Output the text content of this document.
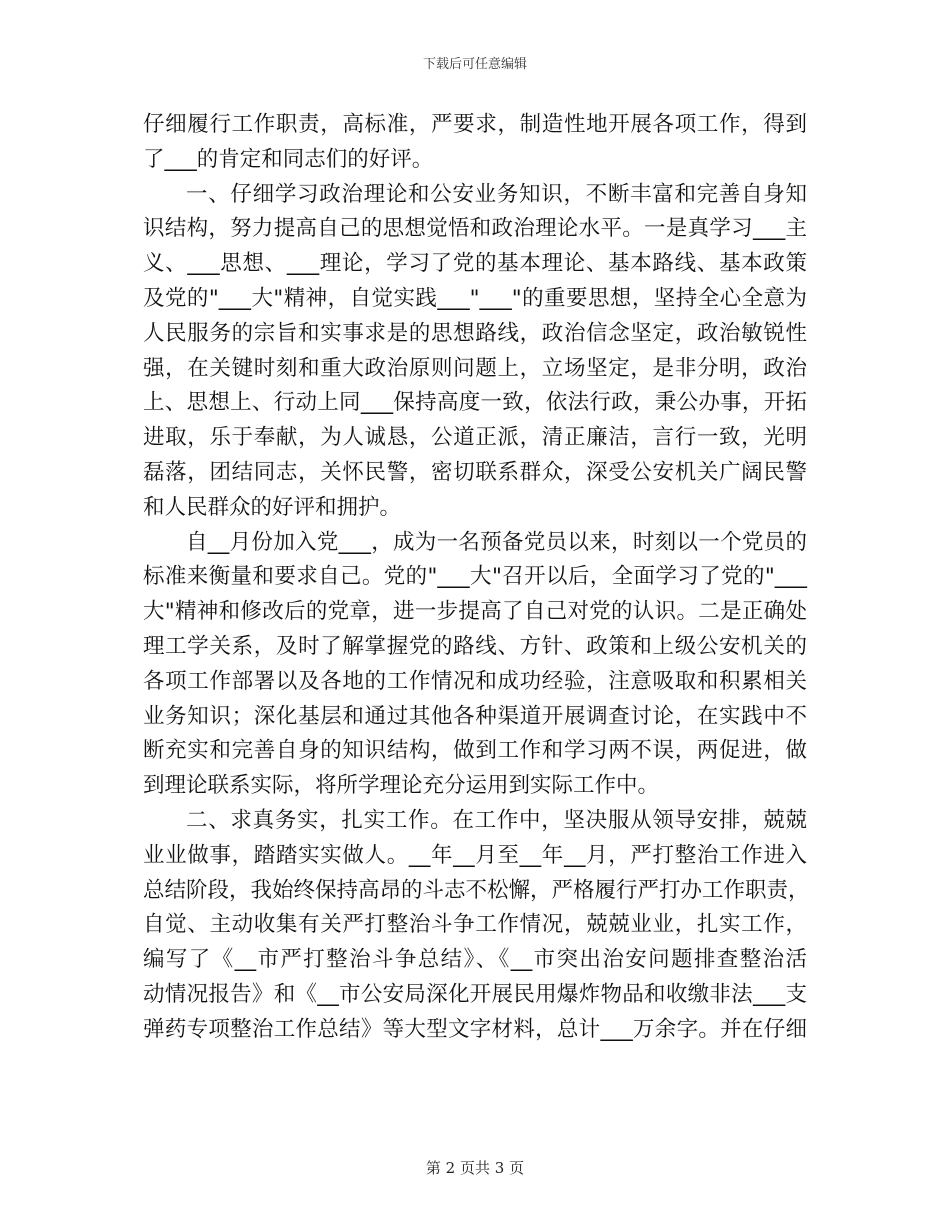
下载后可任意编辑
仔细履行工作职责，高标准，严要求，制造性地开展各项工作，得到
了___的肯定和同志们的好评。
一、仔细学习政治理论和公安业务知识，不断丰富和完善自身知
识结构，努力提高自己的思想觉悟和政治理论水平。一是真学习___主
义、___思想、___理论，学习了党的基本理论、基本路线、基本政策
及党的"___大"精神，自觉实践___"___"的重要思想，坚持全心全意为
人民服务的宗旨和实事求是的思想路线，政治信念坚定，政治敏锐性
强，在关键时刻和重大政治原则问题上，立场坚定，是非分明，政治
上、思想上、行动上同___保持高度一致，依法行政，秉公办事，开拓
进取，乐于奉献，为人诚恳，公道正派，清正廉洁，言行一致，光明
磊落，团结同志，关怀民警，密切联系群众，深受公安机关广阔民警
和人民群众的好评和拥护。
自__月份加入党___，成为一名预备党员以来，时刻以一个党员的
标准来衡量和要求自己。党的"___大"召开以后，全面学习了党的"___
大"精神和修改后的党章，进一步提高了自己对党的认识。二是正确处
理工学关系，及时了解掌握党的路线、方针、政策和上级公安机关的
各项工作部署以及各地的工作情况和成功经验，注意吸取和积累相关
业务知识；深化基层和通过其他各种渠道开展调查讨论，在实践中不
断充实和完善自身的知识结构，做到工作和学习两不误，两促进，做
到理论联系实际，将所学理论充分运用到实际工作中。
二、求真务实，扎实工作。在工作中，坚决服从领导安排，兢兢
业业做事，踏踏实实做人。__年__月至__年__月，严打整治工作进入
总结阶段，我始终保持高昂的斗志不松懈，严格履行严打办工作职责，
自觉、主动收集有关严打整治斗争工作情况，兢兢业业，扎实工作，
编写了《__市严打整治斗争总结》、《__市突出治安问题排查整治活
动情况报告》和《__市公安局深化开展民用爆炸物品和收缴非法___支
弹药专项整治工作总结》等大型文字材料，总计___万余字。并在仔细
第 2 页共 3 页
